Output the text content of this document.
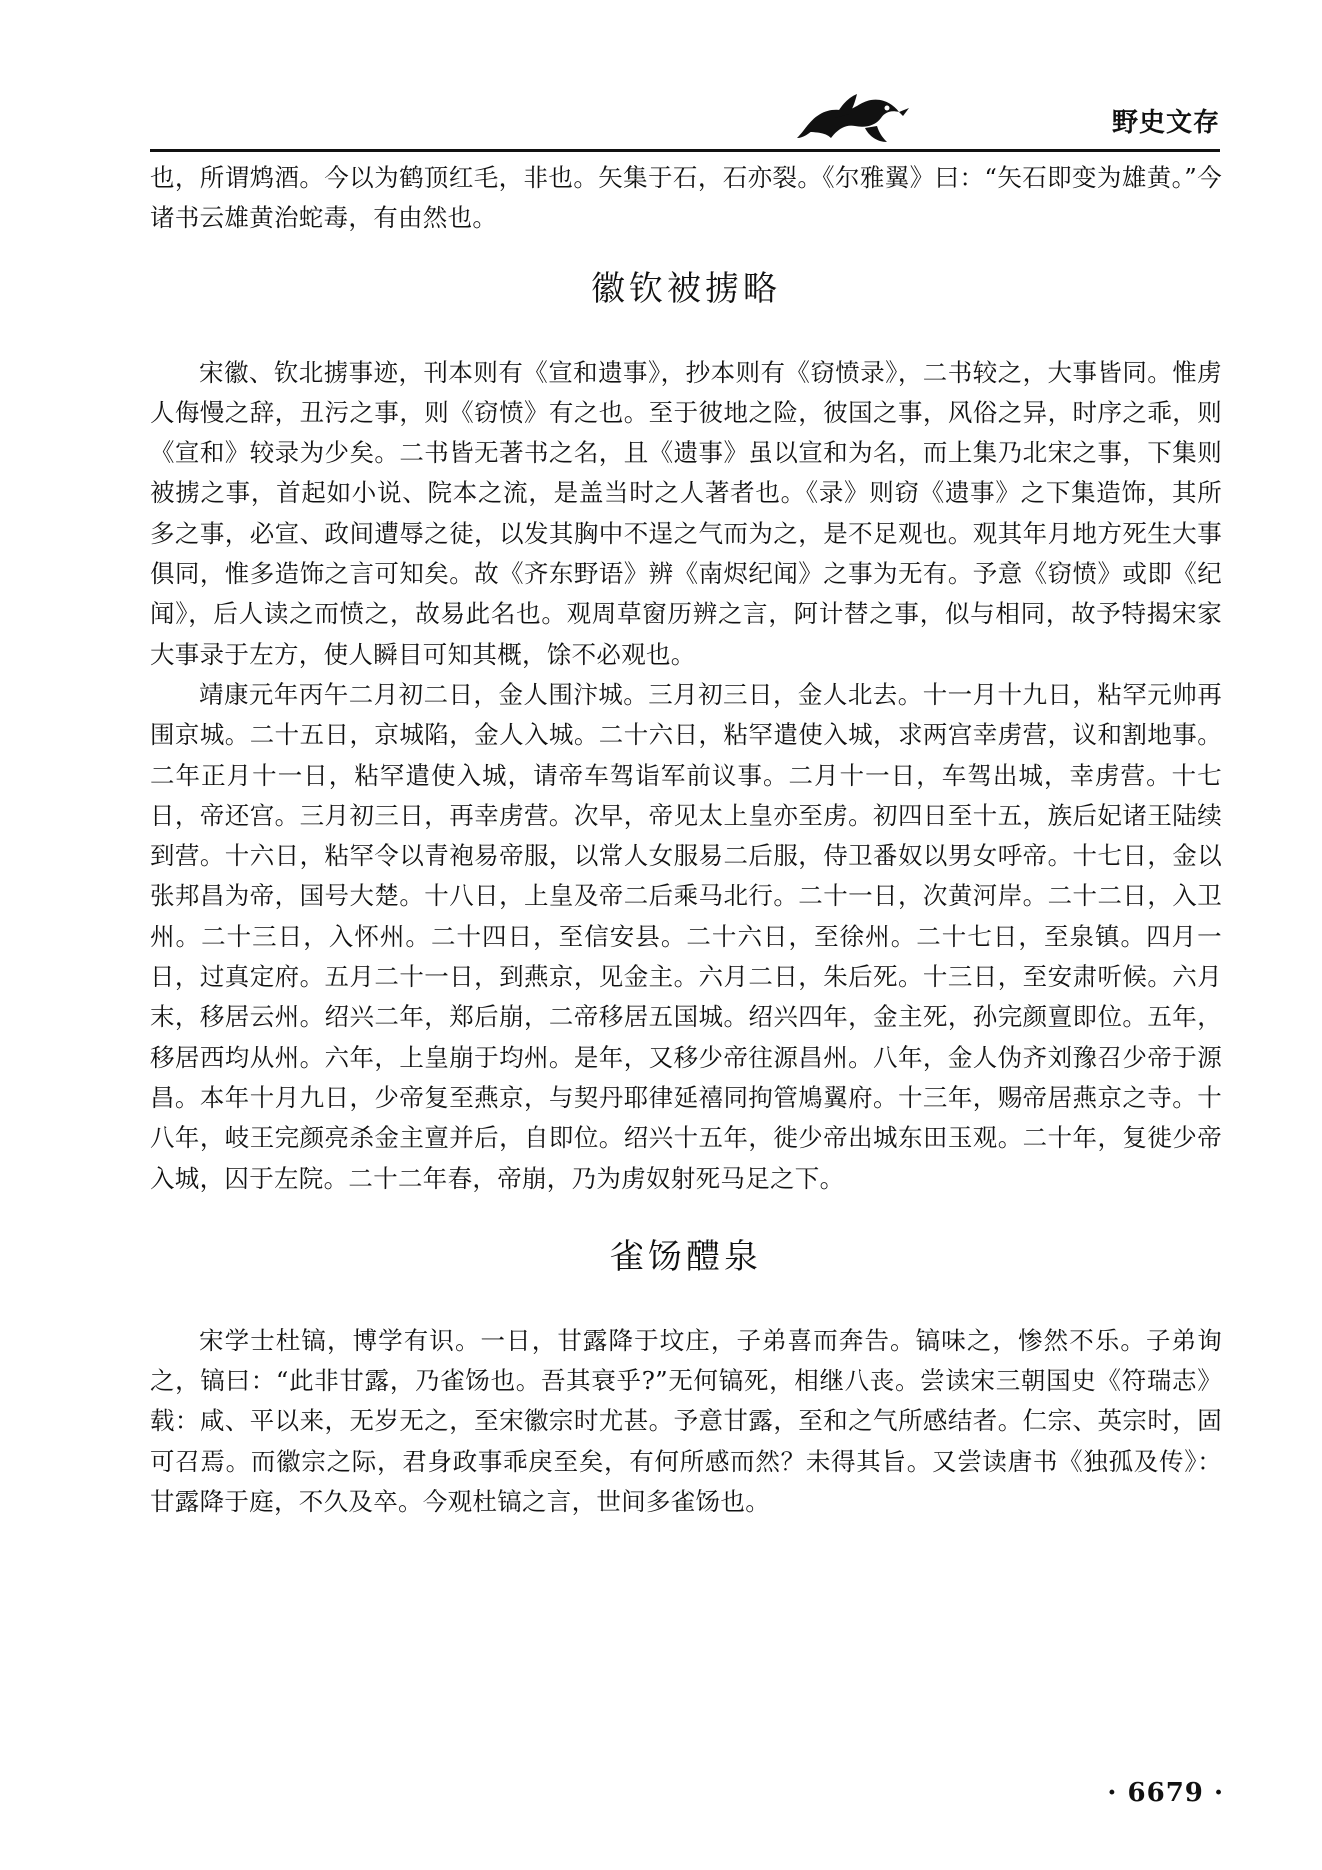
野史文存

也，所谓鸩酒。今以为鹤顶红毛，非也。矢集于石，石亦裂。《尔雅翼》曰：“矢石即变为雄黄。”今诸书云雄黄治蛇毒，有由然也。

徽钦被掳略

宋徽、钦北掳事迹，刊本则有《宣和遗事》，抄本则有《窃愤录》，二书较之，大事皆同。惟虏人侮慢之辞，丑污之事，则《窃愤》有之也。至于彼地之险，彼国之事，风俗之异，时序之乖，则《宣和》较录为少矣。二书皆无著书之名，且《遗事》虽以宣和为名，而上集乃北宋之事，下集则被掳之事，首起如小说、院本之流，是盖当时之人著者也。《录》则窃《遗事》之下集造饰，其所多之事，必宣、政间遭辱之徒，以发其胸中不逞之气而为之，是不足观也。观其年月地方死生大事俱同，惟多造饰之言可知矣。故《齐东野语》辨《南烬纪闻》之事为无有。予意《窃愤》或即《纪闻》，后人读之而愤之，故易此名也。观周草窗历辨之言，阿计替之事，似与相同，故予特揭宋家大事录于左方，使人瞬目可知其概，馀不必观也。

靖康元年丙午二月初二日，金人围汴城。三月初三日，金人北去。十一月十九日，粘罕元帅再围京城。二十五日，京城陷，金人入城。二十六日，粘罕遣使入城，求两宫幸虏营，议和割地事。二年正月十一日，粘罕遣使入城，请帝车驾诣军前议事。二月十一日，车驾出城，幸虏营。十七日，帝还宫。三月初三日，再幸虏营。次早，帝见太上皇亦至虏。初四日至十五，族后妃诸王陆续到营。十六日，粘罕令以青袍易帝服，以常人女服易二后服，侍卫番奴以男女呼帝。十七日，金以张邦昌为帝，国号大楚。十八日，上皇及帝二后乘马北行。二十一日，次黄河岸。二十二日，入卫州。二十三日，入怀州。二十四日，至信安县。二十六日，至徐州。二十七日，至泉镇。四月一日，过真定府。五月二十一日，到燕京，见金主。六月二日，朱后死。十三日，至安肃听候。六月末，移居云州。绍兴二年，郑后崩，二帝移居五国城。绍兴四年，金主死，孙完颜亶即位。五年，移居西均从州。六年，上皇崩于均州。是年，又移少帝往源昌州。八年，金人伪齐刘豫召少帝于源昌。本年十月九日，少帝复至燕京，与契丹耶律延禧同拘管鳩翼府。十三年，赐帝居燕京之寺。十八年，岐王完颜亮杀金主亶并后，自即位。绍兴十五年，徙少帝出城东田玉观。二十年，复徙少帝入城，囚于左院。二十二年春，帝崩，乃为虏奴射死马足之下。

雀饧醴泉

宋学士杜镐，博学有识。一日，甘露降于坟庄，子弟喜而奔告。镐味之，惨然不乐。子弟询之，镐曰：“此非甘露，乃雀饧也。吾其衰乎?”无何镐死，相继八丧。尝读宋三朝国史《符瑞志》载：咸、平以来，无岁无之，至宋徽宗时尤甚。予意甘露，至和之气所感结者。仁宗、英宗时，固可召焉。而徽宗之际，君身政事乖戾至矣，有何所感而然？未得其旨。又尝读唐书《独孤及传》：甘露降于庭，不久及卒。今观杜镐之言，世间多雀饧也。

· 6679 ·
